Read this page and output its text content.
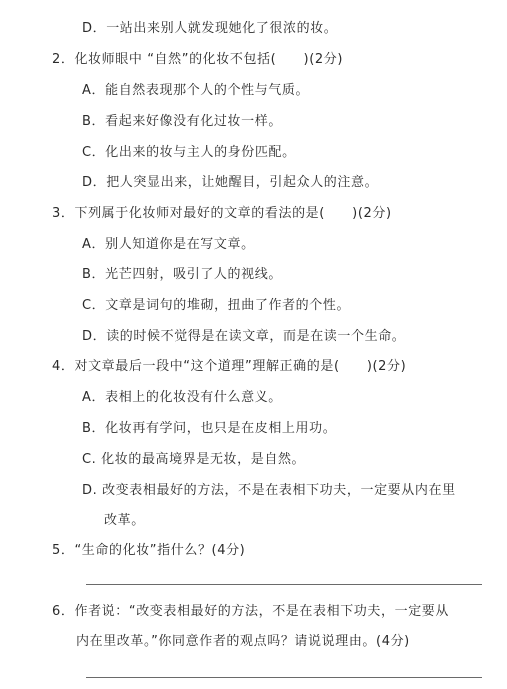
D．一站出来别人就发现她化了很浓的妆。
2．化妆师眼中 “自然”的化妆不包括(　　)(2分)
A．能自然表现那个人的个性与气质。
B．看起来好像没有化过妆一样。
C．化出来的妆与主人的身份匹配。
D．把人突显出来，让她醒目，引起众人的注意。
3．下列属于化妆师对最好的文章的看法的是(　　)(2分)
A．别人知道你是在写文章。
B．光芒四射，吸引了人的视线。
C．文章是词句的堆砌，扭曲了作者的个性。
D．读的时候不觉得是在读文章，而是在读一个生命。
4．对文章最后一段中“这个道理”理解正确的是(　　)(2分)
A．表相上的化妆没有什么意义。
B．化妆再有学问，也只是在皮相上用功。
C. 化妆的最高境界是无妆，是自然。
D. 改变表相最好的方法，不是在表相下功夫，一定要从内在里
改革。
5．“生命的化妆”指什么？(4分)
6．作者说：“改变表相最好的方法，不是在表相下功夫，一定要从
内在里改革。”你同意作者的观点吗？请说说理由。(4分)
